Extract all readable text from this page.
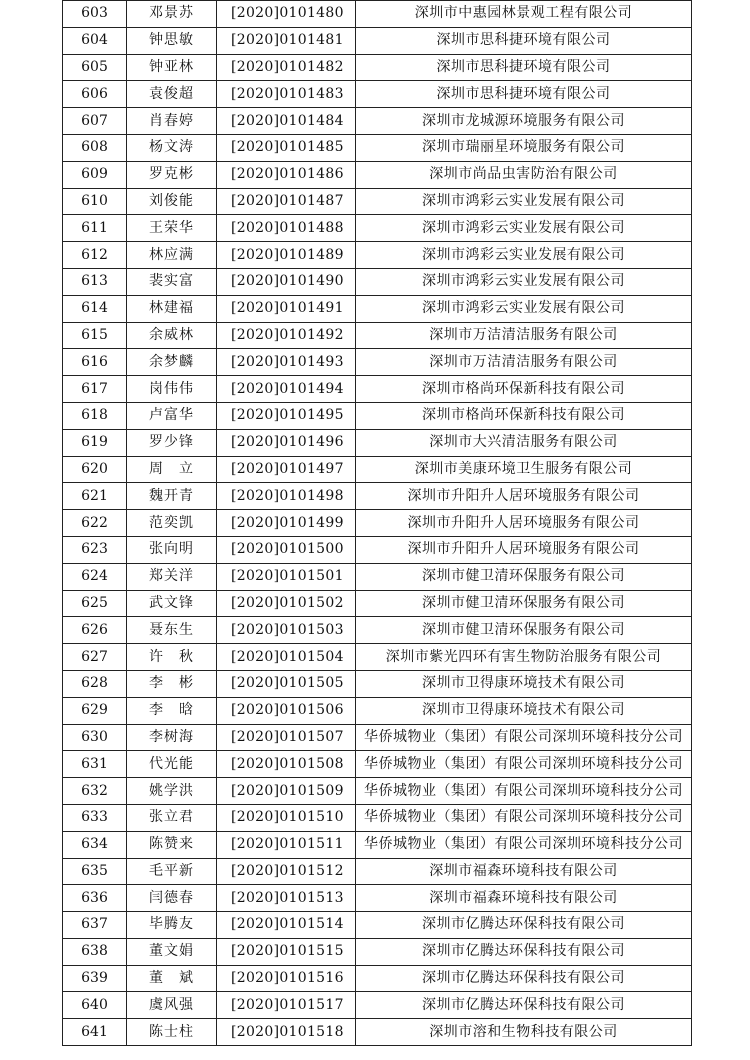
603	邓景苏	[2020]0101480	深圳市中惠园林景观工程有限公司
604	钟思敏	[2020]0101481	深圳市思科捷环境有限公司
605	钟亚林	[2020]0101482	深圳市思科捷环境有限公司
606	袁俊超	[2020]0101483	深圳市思科捷环境有限公司
607	肖春婷	[2020]0101484	深圳市龙城源环境服务有限公司
608	杨文涛	[2020]0101485	深圳市瑞丽星环境服务有限公司
609	罗克彬	[2020]0101486	深圳市尚品虫害防治有限公司
610	刘俊能	[2020]0101487	深圳市鸿彩云实业发展有限公司
611	王荣华	[2020]0101488	深圳市鸿彩云实业发展有限公司
612	林应满	[2020]0101489	深圳市鸿彩云实业发展有限公司
613	裴实富	[2020]0101490	深圳市鸿彩云实业发展有限公司
614	林建福	[2020]0101491	深圳市鸿彩云实业发展有限公司
615	余威林	[2020]0101492	深圳市万洁清洁服务有限公司
616	余梦麟	[2020]0101493	深圳市万洁清洁服务有限公司
617	岗伟伟	[2020]0101494	深圳市格尚环保新科技有限公司
618	卢富华	[2020]0101495	深圳市格尚环保新科技有限公司
619	罗少锋	[2020]0101496	深圳市大兴清洁服务有限公司
620	周　立	[2020]0101497	深圳市美康环境卫生服务有限公司
621	魏开青	[2020]0101498	深圳市升阳升人居环境服务有限公司
622	范奕凯	[2020]0101499	深圳市升阳升人居环境服务有限公司
623	张向明	[2020]0101500	深圳市升阳升人居环境服务有限公司
624	郑关洋	[2020]0101501	深圳市健卫清环保服务有限公司
625	武文锋	[2020]0101502	深圳市健卫清环保服务有限公司
626	聂东生	[2020]0101503	深圳市健卫清环保服务有限公司
627	许　秋	[2020]0101504	深圳市紫光四环有害生物防治服务有限公司
628	李　彬	[2020]0101505	深圳市卫得康环境技术有限公司
629	李　晗	[2020]0101506	深圳市卫得康环境技术有限公司
630	李树海	[2020]0101507	华侨城物业（集团）有限公司深圳环境科技分公司
631	代光能	[2020]0101508	华侨城物业（集团）有限公司深圳环境科技分公司
632	姚学洪	[2020]0101509	华侨城物业（集团）有限公司深圳环境科技分公司
633	张立君	[2020]0101510	华侨城物业（集团）有限公司深圳环境科技分公司
634	陈赞来	[2020]0101511	华侨城物业（集团）有限公司深圳环境科技分公司
635	毛平新	[2020]0101512	深圳市福森环境科技有限公司
636	闫德春	[2020]0101513	深圳市福森环境科技有限公司
637	毕腾友	[2020]0101514	深圳市亿腾达环保科技有限公司
638	董文娟	[2020]0101515	深圳市亿腾达环保科技有限公司
639	董　斌	[2020]0101516	深圳市亿腾达环保科技有限公司
640	虞风强	[2020]0101517	深圳市亿腾达环保科技有限公司
641	陈士柱	[2020]0101518	深圳市溶和生物科技有限公司
